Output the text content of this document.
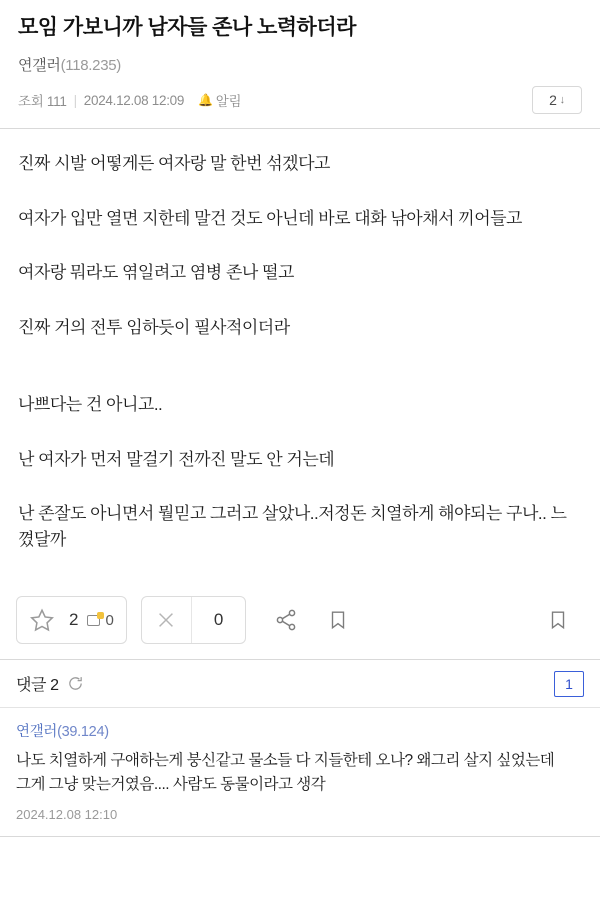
모임 가보니까 남자들 존나 노력하더라
연갤러(118.235)
조회 111 | 2024.12.08 12:09 🔔 알림	2 ↓

진짜 시발 어떻게든 여자랑 말 한번 섞겠다고

여자가 입만 열면 지한테 말건 것도 아닌데 바로 대화 낚아채서 끼어들고

여자랑 뭐라도 엮일려고 염병 존나 떨고

진짜 거의 전투 임하듯이 필사적이더라

나쁘다는 건 아니고..

난 여자가 먼저 말걸기 전까진 말도 안 거는데

난 존잘도 아니면서 뭘믿고 그러고 살았나..저정돈 치열하게 해야되는 구나.. 느꼈달까

2	0	0
댓글 2	1
연갤러(39.124)
나도 치열하게 구애하는게 붕신같고 물소들 다 지들한테 오나? 왜그리 살지 싶었는데
그게 그냥 맞는거였음.... 사람도 동물이라고 생각
2024.12.08 12:10
